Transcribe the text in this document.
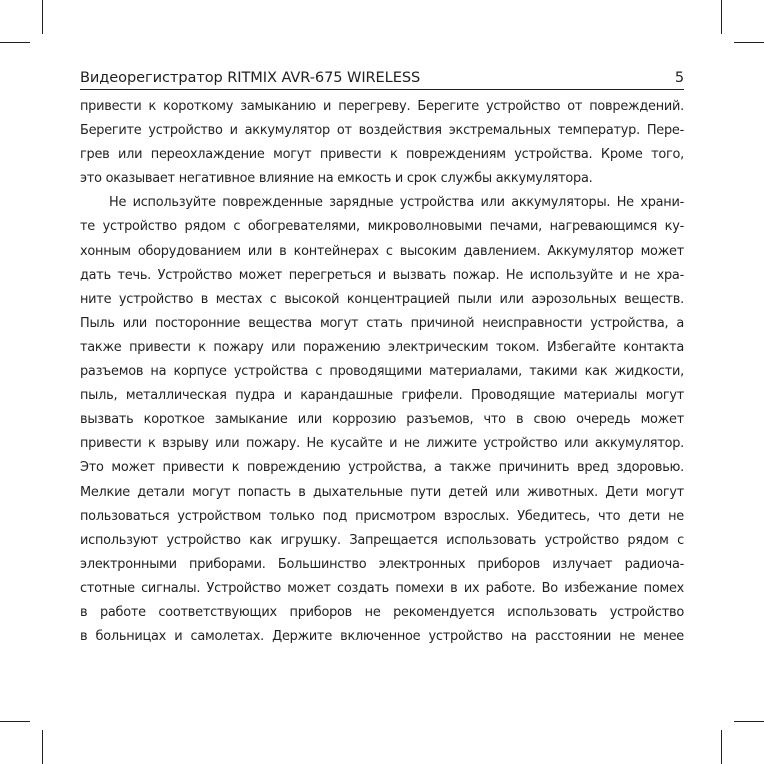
Видеорегистратор RITMIX AVR-675 WIRELESS	5
привести к короткому замыканию и перегреву. Берегите устройство от повреждений.
Берегите устройство и аккумулятор от воздействия экстремальных температур. Пере-
грев или переохлаждение могут привести к повреждениям устройства. Кроме того,
это оказывает негативное влияние на емкость и срок службы аккумулятора.
Не используйте поврежденные зарядные устройства или аккумуляторы. Не храни-
те устройство рядом с обогревателями, микроволновыми печами, нагревающимся ку-
хонным оборудованием или в контейнерах с высоким давлением. Аккумулятор может
дать течь. Устройство может перегреться и вызвать пожар. Не используйте и не хра-
ните устройство в местах с высокой концентрацией пыли или аэрозольных веществ.
Пыль или посторонние вещества могут стать причиной неисправности устройства, а
также привести к пожару или поражению электрическим током. Избегайте контакта
разъемов на корпусе устройства с проводящими материалами, такими как жидкости,
пыль, металлическая пудра и карандашные грифели. Проводящие материалы могут
вызвать короткое замыкание или коррозию разъемов, что в свою очередь может
привести к взрыву или пожару. Не кусайте и не лижите устройство или аккумулятор.
Это может привести к повреждению устройства, а также причинить вред здоровью.
Мелкие детали могут попасть в дыхательные пути детей или животных. Дети могут
пользоваться устройством только под присмотром взрослых. Убедитесь, что дети не
используют устройство как игрушку. Запрещается использовать устройство рядом с
электронными приборами. Большинство электронных приборов излучает радиоча-
стотные сигналы. Устройство может создать помехи в их работе. Во избежание помех
в работе соответствующих приборов не рекомендуется использовать устройство
в больницах и самолетах. Держите включенное устройство на расстоянии не менее
